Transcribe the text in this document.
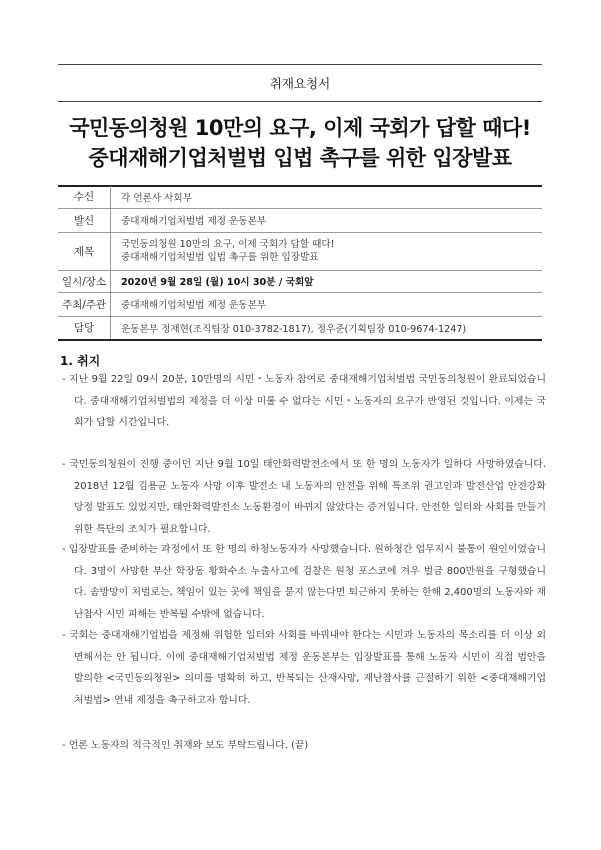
취재요청서
국민동의청원 10만의 요구, 이제 국회가 답할 때다!
중대재해기업처벌법 입법 촉구를 위한 입장발표
수신	각 언론사 사회부
발신	중대재해기업처벌법 제정 운동본부
제목	국민동의청원 10만의 요구, 이제 국회가 답할 때다!
중대재해기업처벌법 입법 촉구를 위한 입장발표

일시/장소	2020년 9월 28일 (월) 10시 30분 / 국회앞
주최/주관	중대재해기업처벌법 제정 운동본부
담당	운동본부 정재현(조직팀장 010-3782-1817), 정우준(기획팀장 010-9674-1247)
1. 취지
- 지난 9월 22일 09시 20분, 10만명의 시민・노동자 참여로 중대재해기업처벌법 국민동의청원이 완료되었습니다. 중대재해기업처벌법의 제정을 더 이상 미룰 수 없다는 시민・노동자의 요구가 반영된 것입니다. 이제는 국회가 답할 시간입니다.
- 국민동의청원이 진행 중이던 지난 9월 10일 태안화력발전소에서 또 한 명의 노동자가 일하다 사망하였습니다. 2018년 12월 김용균 노동자 사망 이후 발전소 내 노동자의 안전을 위해 특조위 권고인과 발전산업 안전강화 당정 발표도 있었지만, 태안화력발전소 노동환경이 바뀌지 않았다는 증거입니다. 안전한 일터와 사회를 만들기 위한 특단의 조치가 필요합니다.
- 입장발표를 준비하는 과정에서 또 한 명의 하청노동자가 사망했습니다. 원하청간 업무지시 불통이 원인이었습니다. 3명이 사망한 부산 학장동 황화수소 누출사고에 검찰은 원청 포스코에 겨우 벌금 800만원을 구형했습니다. 솜방망이 처벌로는, 책임이 있는 곳에 책임을 묻지 않는다면 퇴근하지 못하는 한해 2,400명의 노동자와 재난참사 시민 피해는 반복될 수밖에 없습니다.
- 국회는 중대재해기업법을 제정해 위험한 일터와 사회를 바꿔내야 한다는 시민과 노동자의 목소리를 더 이상 외면해서는 안 됩니다. 이에 중대재해기업처벌법 제정 운동본부는 입장발표를 통해 노동자 시민이 직접 법안을 발의한 <국민동의청원> 의미를 명확히 하고, 반복되는 산재사망, 재난참사를 근절하기 위한 <중대재해기업처벌법> 연내 제정을 촉구하고자 합니다.
- 언론 노동자의 적극적인 취재와 보도 부탁드립니다. (끝)
